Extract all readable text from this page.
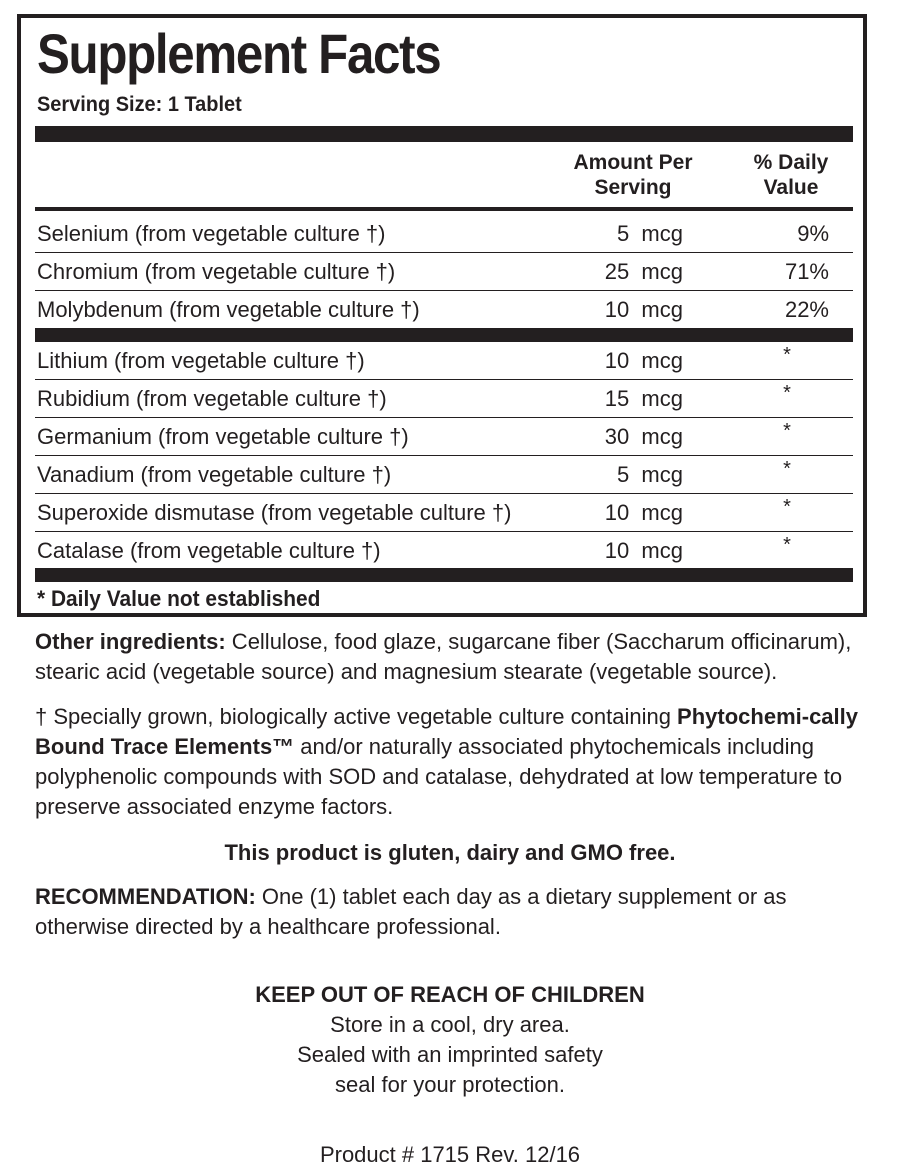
Supplement Facts
Serving Size: 1 Tablet
Amount Per
Serving
% Daily
Value
Selenium (from vegetable culture †)	5  mcg	9%
Chromium (from vegetable culture †)	25  mcg	71%
Molybdenum (from vegetable culture †)	10  mcg	22%
Lithium (from vegetable culture †)	10  mcg	*
Rubidium (from vegetable culture †)	15  mcg	*
Germanium (from vegetable culture †)	30  mcg	*
Vanadium (from vegetable culture †)	5  mcg	*
Superoxide dismutase (from vegetable culture †)	10  mcg	*
Catalase (from vegetable culture †)	10  mcg	*
* Daily Value not established
Other ingredients: Cellulose, food glaze, sugarcane fiber (Saccharum officinarum), stearic acid (vegetable source) and magnesium stearate (vegetable source).
† Specially grown, biologically active vegetable culture containing Phytochemi-cally Bound Trace Elements™ and/or naturally associated phytochemicals including polyphenolic compounds with SOD and catalase, dehydrated at low temperature to preserve associated enzyme factors.
This product is gluten, dairy and GMO free.
RECOMMENDATION: One (1) tablet each day as a dietary supplement or as otherwise directed by a healthcare professional.
KEEP OUT OF REACH OF CHILDREN
Store in a cool, dry area.
Sealed with an imprinted safety
seal for your protection.
Product # 1715 Rev. 12/16
